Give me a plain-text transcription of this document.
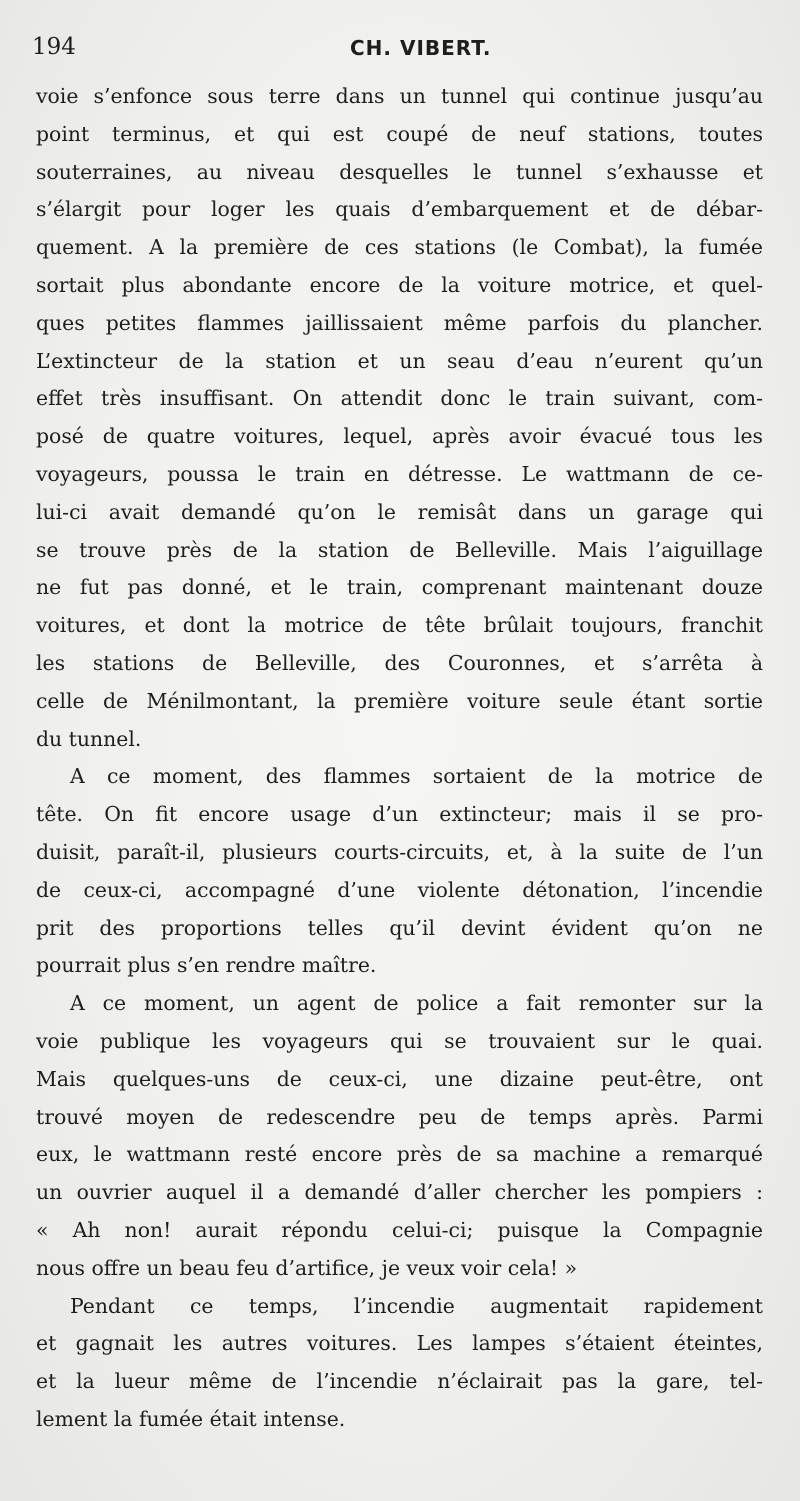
194	CH. VIBERT.
voie s’enfonce sous terre dans un tunnel qui continue jusqu’au
point terminus, et qui est coupé de neuf stations, toutes
souterraines, au niveau desquelles le tunnel s’exhausse et
s’élargit pour loger les quais d’embarquement et de débar-
quement. A la première de ces stations (le Combat), la fumée
sortait plus abondante encore de la voiture motrice, et quel-
ques petites flammes jaillissaient même parfois du plancher.
L’extincteur de la station et un seau d’eau n’eurent qu’un
effet très insuffisant. On attendit donc le train suivant, com-
posé de quatre voitures, lequel, après avoir évacué tous les
voyageurs, poussa le train en détresse. Le wattmann de ce-
lui-ci avait demandé qu’on le remisât dans un garage qui
se trouve près de la station de Belleville. Mais l’aiguillage
ne fut pas donné, et le train, comprenant maintenant douze
voitures, et dont la motrice de tête brûlait toujours, franchit
les stations de Belleville, des Couronnes, et s’arrêta à
celle de Ménilmontant, la première voiture seule étant sortie
du tunnel.
A ce moment, des flammes sortaient de la motrice de
tête. On fit encore usage d’un extincteur; mais il se pro-
duisit, paraît-il, plusieurs courts-circuits, et, à la suite de l’un
de ceux-ci, accompagné d’une violente détonation, l’incendie
prit des proportions telles qu’il devint évident qu’on ne
pourrait plus s’en rendre maître.
A ce moment, un agent de police a fait remonter sur la
voie publique les voyageurs qui se trouvaient sur le quai.
Mais quelques-uns de ceux-ci, une dizaine peut-être, ont
trouvé moyen de redescendre peu de temps après. Parmi
eux, le wattmann resté encore près de sa machine a remarqué
un ouvrier auquel il a demandé d’aller chercher les pompiers :
« Ah non! aurait répondu celui-ci; puisque la Compagnie
nous offre un beau feu d’artifice, je veux voir cela! »
Pendant ce temps, l’incendie augmentait rapidement
et gagnait les autres voitures. Les lampes s’étaient éteintes,
et la lueur même de l’incendie n’éclairait pas la gare, tel-
lement la fumée était intense.
